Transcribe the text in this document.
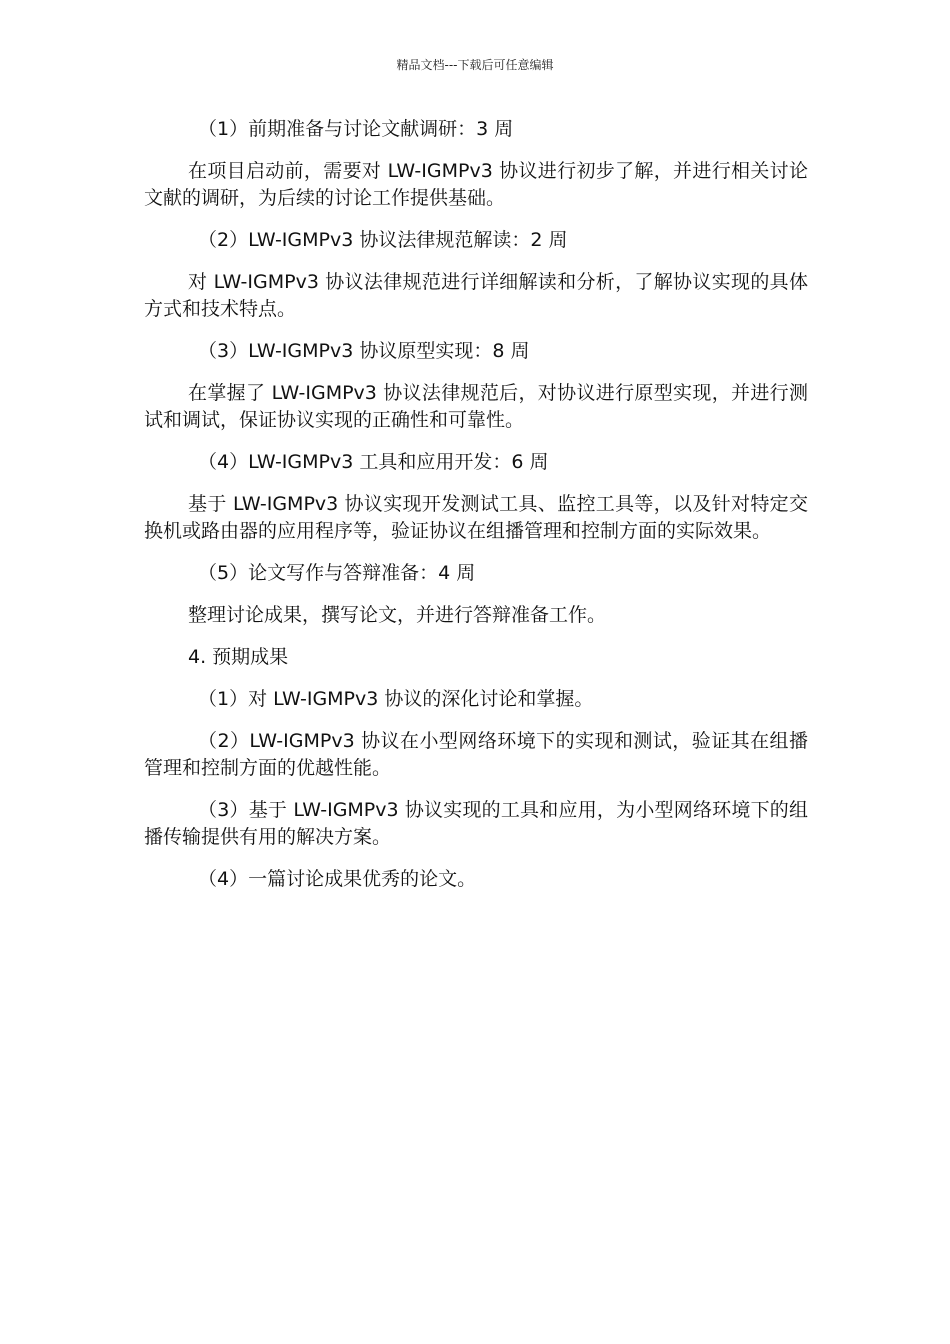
精品文档---下载后可任意编辑

（1）前期准备与讨论文献调研：3 周

在项目启动前，需要对 LW-IGMPv3 协议进行初步了解，并进行相关讨论文献的调研，为后续的讨论工作提供基础。

（2）LW-IGMPv3 协议法律规范解读：2 周

对 LW-IGMPv3 协议法律规范进行详细解读和分析，了解协议实现的具体方式和技术特点。

（3）LW-IGMPv3 协议原型实现：8 周

在掌握了 LW-IGMPv3 协议法律规范后，对协议进行原型实现，并进行测试和调试，保证协议实现的正确性和可靠性。

（4）LW-IGMPv3 工具和应用开发：6 周

基于 LW-IGMPv3 协议实现开发测试工具、监控工具等，以及针对特定交换机或路由器的应用程序等，验证协议在组播管理和控制方面的实际效果。

（5）论文写作与答辩准备：4 周

整理讨论成果，撰写论文，并进行答辩准备工作。

4. 预期成果

（1）对 LW-IGMPv3 协议的深化讨论和掌握。

（2）LW-IGMPv3 协议在小型网络环境下的实现和测试，验证其在组播管理和控制方面的优越性能。

（3）基于 LW-IGMPv3 协议实现的工具和应用，为小型网络环境下的组播传输提供有用的解决方案。

（4）一篇讨论成果优秀的论文。
